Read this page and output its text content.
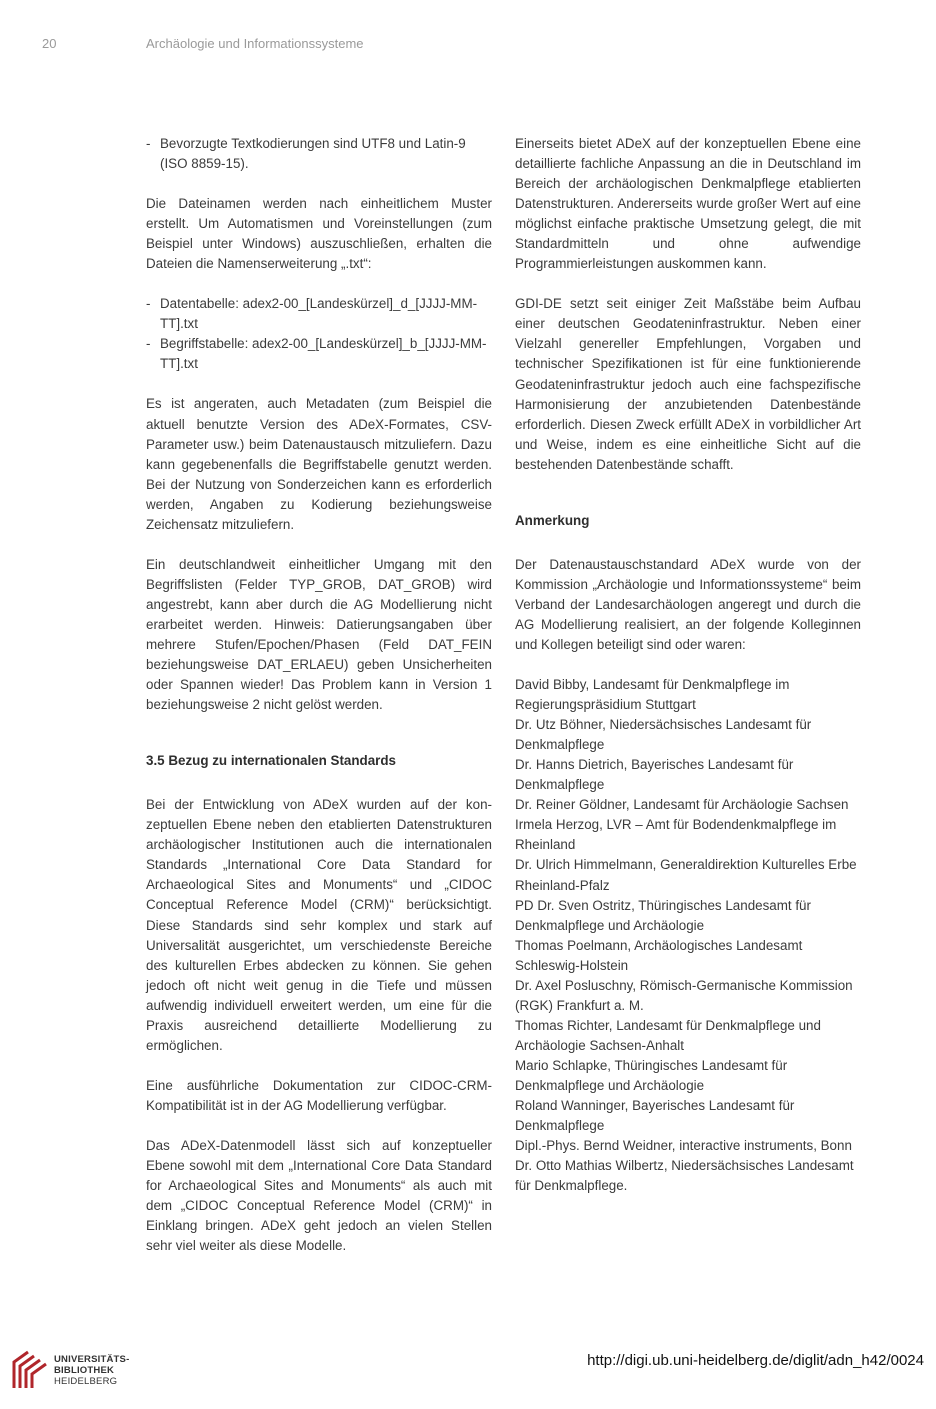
20	Archäologie und Informationssysteme
- Bevorzugte Textkodierungen sind UTF8 und Latin-9 (ISO 8859-15).

Die Dateinamen werden nach einheitlichem Muster erstellt. Um Automatismen und Voreinstellungen (zum Beispiel unter Windows) auszuschließen, erhalten die Dateien die Namenserweiterung „.txt“:

- Datentabelle: adex2-00_[Landeskürzel]_d_[JJJJ-MM-TT].txt
- Begriffstabelle: adex2-00_[Landeskürzel]_b_[JJJJ-MM-TT].txt

Es ist angeraten, auch Metadaten (zum Beispiel die aktuell benutzte Version des ADeX-Formates, CSV-Parameter usw.) beim Datenaustausch mitzuliefern. Dazu kann gegebenenfalls die Begriffstabelle genutzt werden. Bei der Nutzung von Sonderzeichen kann es erforderlich werden, Angaben zu Kodierung beziehungsweise Zeichensatz mitzuliefern.

Ein deutschlandweit einheitlicher Umgang mit den Begriffslisten (Felder TYP_GROB, DAT_GROB) wird angestrebt, kann aber durch die AG Modellierung nicht erarbeitet werden. Hinweis: Datierungsangaben über mehrere Stufen/Epochen/Phasen (Feld DAT_FEIN beziehungsweise DAT_ERLAEU) geben Unsicherheiten oder Spannen wieder! Das Problem kann in Version 1 beziehungsweise 2 nicht gelöst werden.

3.5 Bezug zu internationalen Standards

Bei der Entwicklung von ADeX wurden auf der konzeptuellen Ebene neben den etablierten Datenstrukturen archäologischer Institutionen auch die internationalen Standards „International Core Data Standard for Archaeological Sites and Monuments“ und „CIDOC Conceptual Reference Model (CRM)“ berücksichtigt. Diese Standards sind sehr komplex und stark auf Universalität ausgerichtet, um verschiedenste Bereiche des kulturellen Erbes abdecken zu können. Sie gehen jedoch oft nicht weit genug in die Tiefe und müssen aufwendig individuell erweitert werden, um eine für die Praxis ausreichend detaillierte Modellierung zu ermöglichen.

Eine ausführliche Dokumentation zur CIDOC-CRM-Kompatibilität ist in der AG Modellierung verfügbar.

Das ADeX-Datenmodell lässt sich auf konzeptueller Ebene sowohl mit dem „International Core Data Standard for Archaeological Sites and Monuments“ als auch mit dem „CIDOC Conceptual Reference Model (CRM)“ in Einklang bringen. ADeX geht jedoch an vielen Stellen sehr viel weiter als diese Modelle.

Einerseits bietet ADeX auf der konzeptuellen Ebene eine detaillierte fachliche Anpassung an die in Deutschland im Bereich der archäologischen Denkmalpflege etablierten Datenstrukturen. Andererseits wurde großer Wert auf eine möglichst einfache praktische Umsetzung gelegt, die mit Standardmitteln und ohne aufwendige Programmierleistungen auskommen kann.

GDI-DE setzt seit einiger Zeit Maßstäbe beim Aufbau einer deutschen Geodateninfrastruktur. Neben einer Vielzahl genereller Empfehlungen, Vorgaben und technischer Spezifikationen ist für eine funktionierende Geodateninfrastruktur jedoch auch eine fachspezifische Harmonisierung der anzubietenden Datenbestände erforderlich. Diesen Zweck erfüllt ADeX in vorbildlicher Art und Weise, indem es eine einheitliche Sicht auf die bestehenden Datenbestände schafft.

Anmerkung

Der Datenaustauschstandard ADeX wurde von der Kommission „Archäologie und Informationssysteme“ beim Verband der Landesarchäologen angeregt und durch die AG Modellierung realisiert, an der folgende Kolleginnen und Kollegen beteiligt sind oder waren:

David Bibby, Landesamt für Denkmalpflege im Regierungspräsidium Stuttgart
Dr. Utz Böhner, Niedersächsisches Landesamt für Denkmalpflege
Dr. Hanns Dietrich, Bayerisches Landesamt für Denkmalpflege
Dr. Reiner Göldner, Landesamt für Archäologie Sachsen
Irmela Herzog, LVR – Amt für Bodendenkmalpflege im Rheinland
Dr. Ulrich Himmelmann, Generaldirektion Kulturelles Erbe Rheinland-Pfalz
PD Dr. Sven Ostritz, Thüringisches Landesamt für Denkmalpflege und Archäologie
Thomas Poelmann, Archäologisches Landesamt Schleswig-Holstein
Dr. Axel Posluschny, Römisch-Germanische Kommission (RGK) Frankfurt a. M.
Thomas Richter, Landesamt für Denkmalpflege und Archäologie Sachsen-Anhalt
Mario Schlapke, Thüringisches Landesamt für Denkmalpflege und Archäologie
Roland Wanninger, Bayerisches Landesamt für Denkmalpflege
Dipl.-Phys. Bernd Weidner, interactive instruments, Bonn
Dr. Otto Mathias Wilbertz, Niedersächsisches Landesamt für Denkmalpflege.
UNIVERSITÄTS-
BIBLIOTHEK
HEIDELBERG
http://digi.ub.uni-heidelberg.de/diglit/adn_h42/0024
